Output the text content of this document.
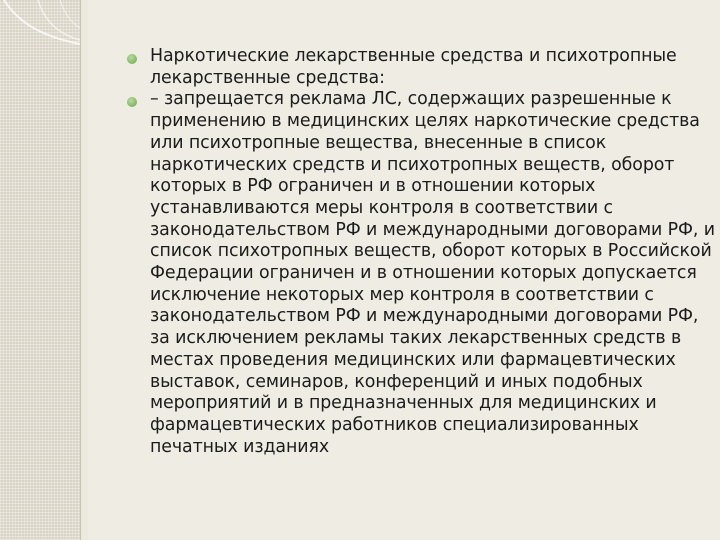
Наркотические лекарственные средства и психотропные лекарственные средства:
– запрещается реклама ЛС, содержащих разрешенные к применению в медицинских целях наркотические средства или психотропные вещества, внесенные в список наркотических средств и психотропных веществ, оборот которых в РФ ограничен и в отношении которых устанавливаются меры контроля в соответствии с законодательством РФ и международными договорами РФ, и список психотропных веществ, оборот которых в Российской Федерации ограничен и в отношении которых допускается исключение некоторых мер контроля в соответствии с законодательством РФ и международными договорами РФ, за исключением рекламы таких лекарственных средств в местах проведения медицинских или фармацевтических выставок, семинаров, конференций и иных подобных мероприятий и в предназначенных для медицинских и фармацевтических работников специализированных печатных изданиях
